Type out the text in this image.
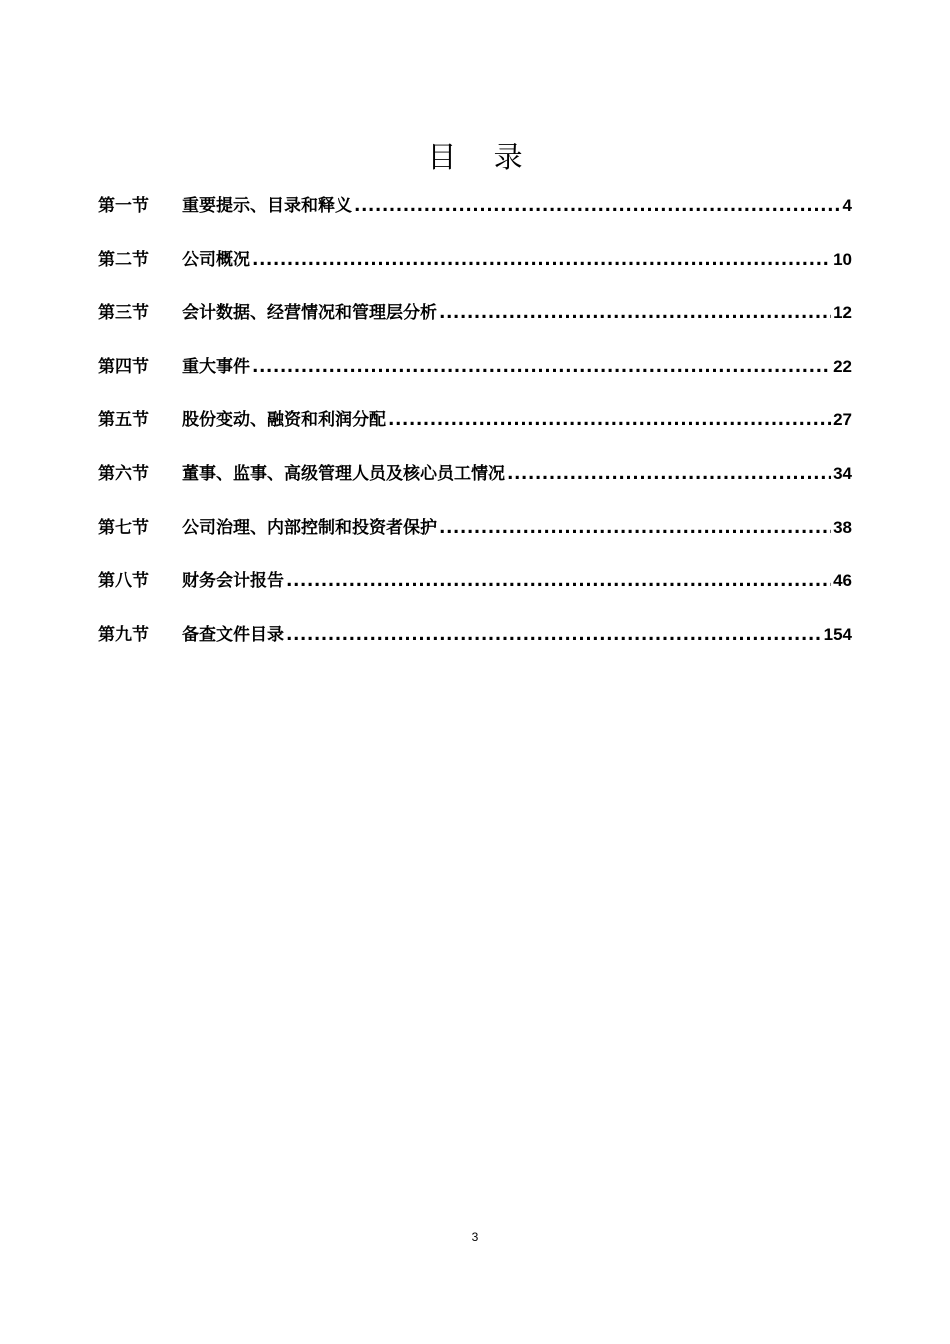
目 录
第一节	重要提示、目录和释义 .....	4
第二节	公司概况 .....	10
第三节	会计数据、经营情况和管理层分析 .....	12
第四节	重大事件 .....	22
第五节	股份变动、融资和利润分配 .....	27
第六节	董事、监事、高级管理人员及核心员工情况 .....	34
第七节	公司治理、内部控制和投资者保护 .....	38
第八节	财务会计报告 .....	46
第九节	备查文件目录 .....	154
3
